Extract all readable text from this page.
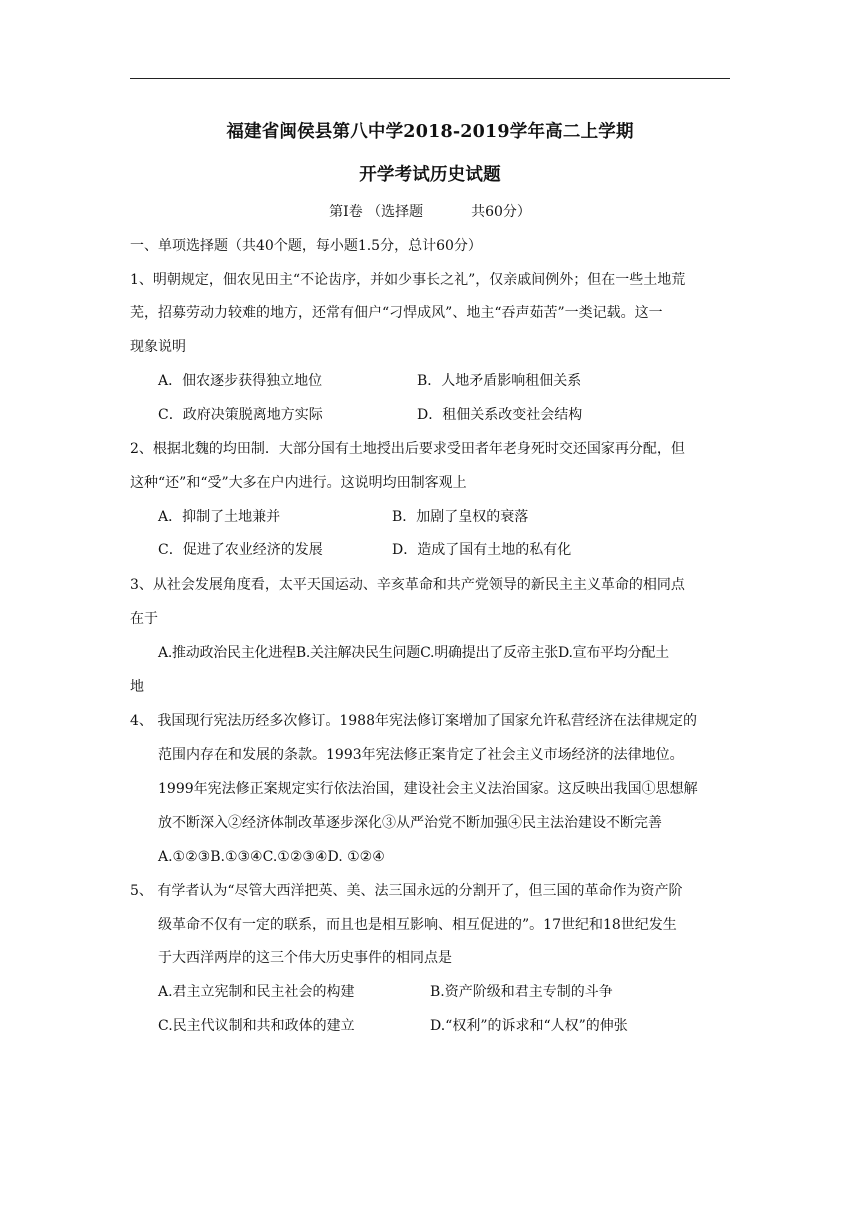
福建省闽侯县第八中学2018-2019学年高二上学期
开学考试历史试题
第Ⅰ卷 （选择题	共60分）
一、单项选择题（共40个题，每小题1.5分，总计60分）
1、明朝规定，佃农见田主“不论齿序，并如少事长之礼”，仅亲戚间例外；但在一些土地荒
芜，招募劳动力较难的地方，还常有佃户“刁悍成风”、地主“吞声茹苦”一类记载。这一
现象说明
A．佃农逐步获得独立地位	B．人地矛盾影响租佃关系
C．政府决策脱离地方实际	D．租佃关系改变社会结构
2、根据北魏的均田制．大部分国有土地授出后要求受田者年老身死时交还国家再分配，但
这种“还”和“受”大多在户内进行。这说明均田制客观上
A．抑制了土地兼并	B．加剧了皇权的衰落
C．促进了农业经济的发展	D．造成了国有土地的私有化
3、从社会发展角度看，太平天国运动、辛亥革命和共产党领导的新民主主义革命的相同点
在于
A.推动政治民主化进程B.关注解决民生问题C.明确提出了反帝主张D.宣布平均分配土
地
4、 我国现行宪法历经多次修订。1988年宪法修订案增加了国家允许私营经济在法律规定的
范围内存在和发展的条款。1993年宪法修正案肯定了社会主义市场经济的法律地位。
1999年宪法修正案规定实行依法治国，建设社会主义法治国家。这反映出我国①思想解
放不断深入②经济体制改革逐步深化③从严治党不断加强④民主法治建设不断完善
A.①②③B.①③④C.①②③④D. ①②④
5、 有学者认为“尽管大西洋把英、美、法三国永远的分割开了，但三国的革命作为资产阶
级革命不仅有一定的联系，而且也是相互影响、相互促进的”。17世纪和18世纪发生
于大西洋两岸的这三个伟大历史事件的相同点是
A.君主立宪制和民主社会的构建	B.资产阶级和君主专制的斗争
C.民主代议制和共和政体的建立	D.“权利”的诉求和“人权”的伸张
